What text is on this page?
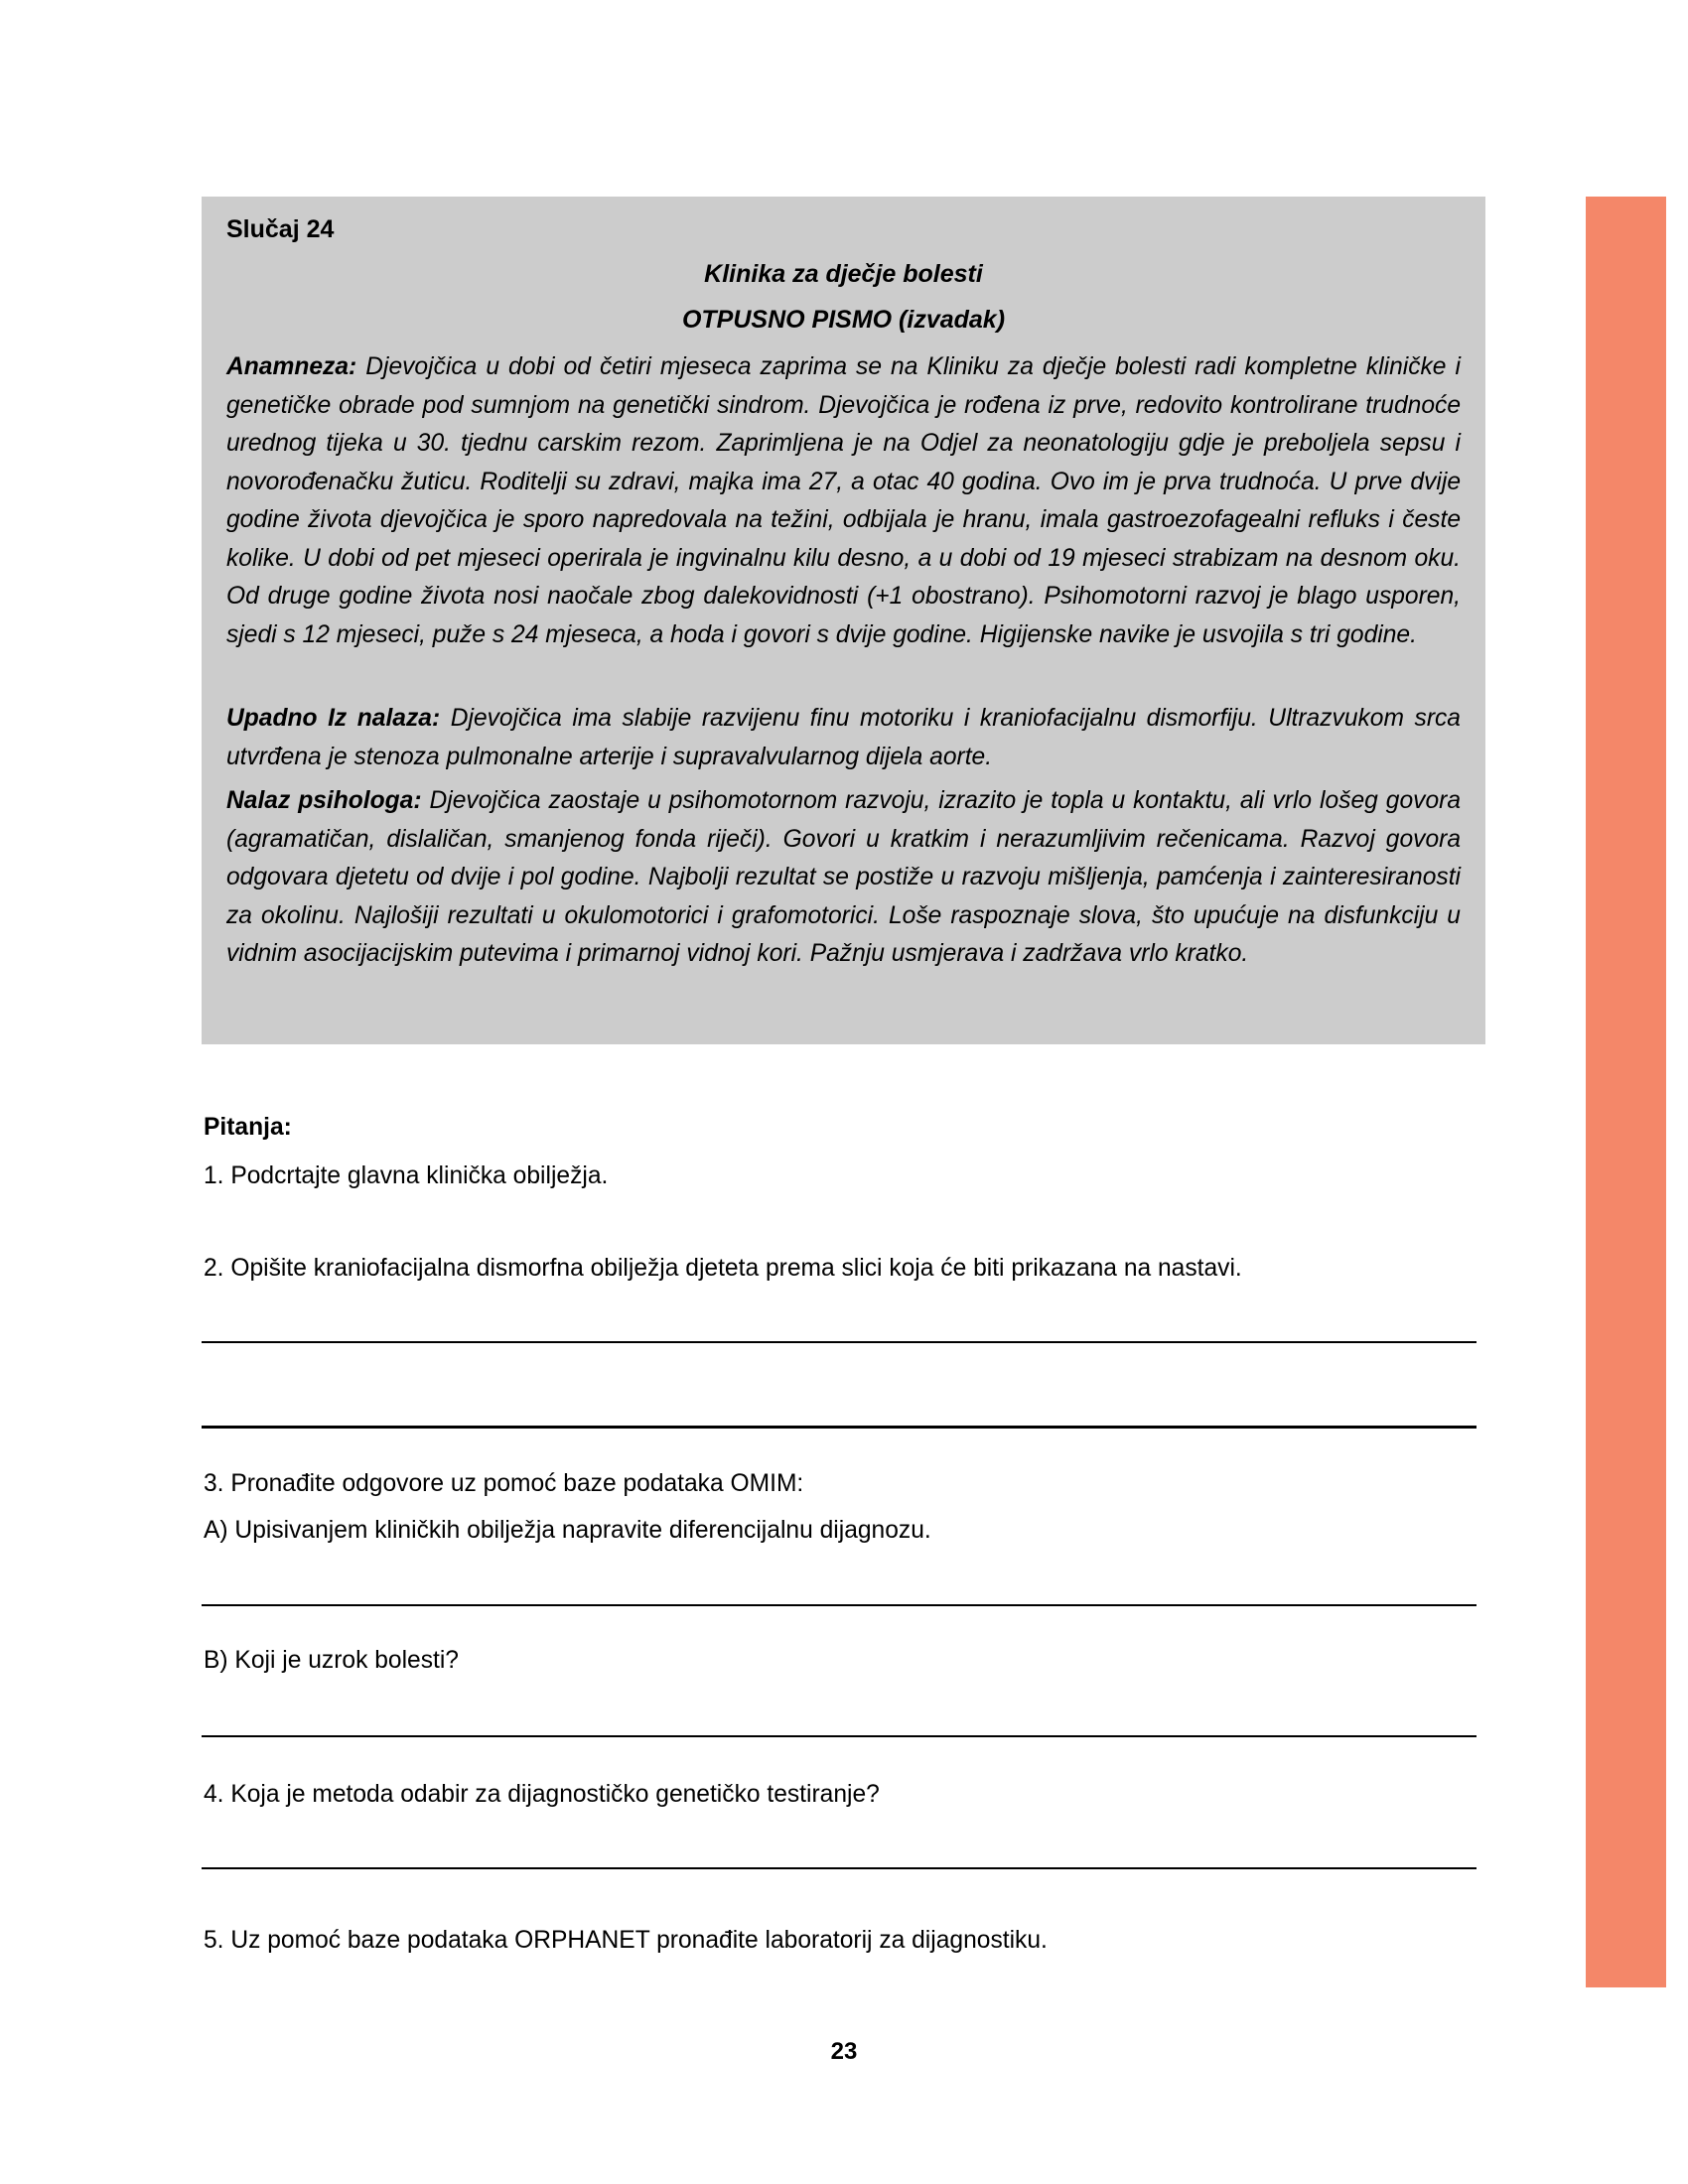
Slučaj 24
Klinika za dječje bolesti
OTPUSNO PISMO (izvadak)
Anamneza: Djevojčica u dobi od četiri mjeseca zaprima se na Kliniku za dječje bolesti radi kompletne kliničke i genetičke obrade pod sumnjom na genetički sindrom. Djevojčica je rođena iz prve, redovito kontrolirane trudnoće urednog tijeka u 30. tjednu carskim rezom. Zaprimljena je na Odjel za neonatologiju gdje je preboljela sepsu i novorođenačku žuticu. Roditelji su zdravi, majka ima 27, a otac 40 godina. Ovo im je prva trudnoća. U prve dvije godine života djevojčica je sporo napredovala na težini, odbijala je hranu, imala gastroezofagealni refluks i česte kolike. U dobi od pet mjeseci operirala je ingvinalnu kilu desno, a u dobi od 19 mjeseci strabizam na desnom oku. Od druge godine života nosi naočale zbog dalekovidnosti (+1 obostrano). Psihomotorni razvoj je blago usporen, sjedi s 12 mjeseci, puže s 24 mjeseca, a hoda i govori s dvije godine. Higijenske navike je usvojila s tri godine.
Upadno Iz nalaza: Djevojčica ima slabije razvijenu finu motoriku i kraniofacijalnu dismorfiju. Ultrazvukom srca utvrđena je stenoza pulmonalne arterije i supravalvularnog dijela aorte.
Nalaz psihologa: Djevojčica zaostaje u psihomotornom razvoju, izrazito je topla u kontaktu, ali vrlo lošeg govora (agramatičan, dislaličan, smanjenog fonda riječi). Govori u kratkim i nerazumljivim rečenicama. Razvoj govora odgovara djetetu od dvije i pol godine. Najbolji rezultat se postiže u razvoju mišljenja, pamćenja i zainteresiranosti za okolinu. Najlošiji rezultati u okulomotorici i grafomotorici. Loše raspoznaje slova, što upućuje na disfunkciju u vidnim asocijacijskim putevima i primarnoj vidnoj kori. Pažnju usmjerava i zadržava vrlo kratko.
Pitanja:
1. Podcrtajte glavna klinička obilježja.
2. Opišite kraniofacijalna dismorfna obilježja djeteta prema slici koja će biti prikazana na nastavi.
3. Pronađite odgovore uz pomoć baze podataka OMIM:
A) Upisivanjem kliničkih obilježja napravite diferencijalnu dijagnozu.
B) Koji je uzrok bolesti?
4. Koja je metoda odabir za dijagnostičko genetičko testiranje?
5. Uz pomoć baze podataka ORPHANET pronađite laboratorij za dijagnostiku.
23
